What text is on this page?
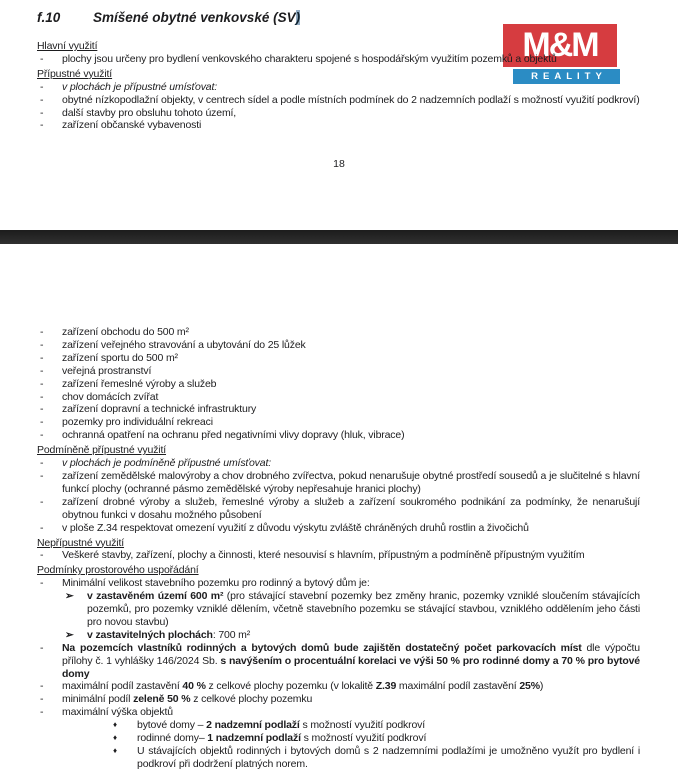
f.10 Smíšené obytné venkovské (SV)
M&M
REALITY
Hlavní využití
-	plochy jsou určeny pro bydlení venkovského charakteru spojené s hospodářským využitím pozemků a objektů
Přípustné využití
-	v plochách je přípustné umísťovat:
-	obytné nízkopodlažní objekty, v centrech sídel a podle místních podmínek do 2 nadzemních podlaží s možností využití podkroví)
-	další stavby pro obsluhu tohoto území,
-	zařízení občanské vybavenosti
18
-	zařízení obchodu do 500 m²
-	zařízení veřejného stravování a ubytování do 25 lůžek
-	zařízení sportu do 500 m²
-	veřejná prostranství
-	zařízení řemeslné výroby a služeb
-	chov domácích zvířat
-	zařízení dopravní a technické infrastruktury
-	pozemky pro individuální rekreaci
-	ochranná opatření na ochranu před negativními vlivy dopravy (hluk, vibrace)
Podmíněně přípustné využití
-	v plochách je podmíněně přípustné umísťovat:
-	zařízení zemědělské malovýroby a chov drobného zvířectva, pokud nenarušuje obytné prostředí sousedů a je slučitelné s hlavní funkcí plochy (ochranné pásmo zemědělské výroby nepřesahuje hranici plochy)
-	zařízení drobné výroby a služeb, řemeslné výroby a služeb a zařízení soukromého podnikání za podmínky, že nenarušují obytnou funkci v dosahu možného působení
-	v ploše Z.34 respektovat omezení využití z důvodu výskytu zvláště chráněných druhů rostlin a živočichů
Nepřípustné využití
-	Veškeré stavby, zařízení, plochy a činnosti, které nesouvisí s hlavním, přípustným a podmíněně přípustným využitím
Podmínky prostorového uspořádání
-	Minimální velikost stavebního pozemku pro rodinný a bytový dům je:
➢	v zastavěném území 600 m² (pro stávající stavební pozemky bez změny hranic, pozemky vzniklé sloučením stávajících pozemků, pro pozemky vzniklé dělením, včetně stavebního pozemku se stávající stavbou, vzniklého oddělením jeho části pro novou stavbu)
➢	v zastavitelných plochách: 700 m²
-	Na pozemcích vlastníků rodinných a bytových domů bude zajištěn dostatečný počet parkovacích míst dle výpočtu přílohy č. 1 vyhlášky 146/2024 Sb. s navýšením o procentuální korelaci ve výši 50 % pro rodinné domy a 70 % pro bytové domy
-	maximální podíl zastavění 40 % z celkové plochy pozemku (v lokalitě Z.39 maximální podíl zastavění 25%)
-	minimální podíl zeleně 50 % z celkové plochy pozemku
-	maximální výška objektů
♦	bytové domy – 2 nadzemní podlaží s možností využití podkroví
♦	rodinné domy– 1 nadzemní podlaží s možností využití podkroví
♦	U stávajících objektů rodinných i bytových domů s 2 nadzemními podlažími je umožněno využít pro bydlení i podkroví při dodržení platných norem.
